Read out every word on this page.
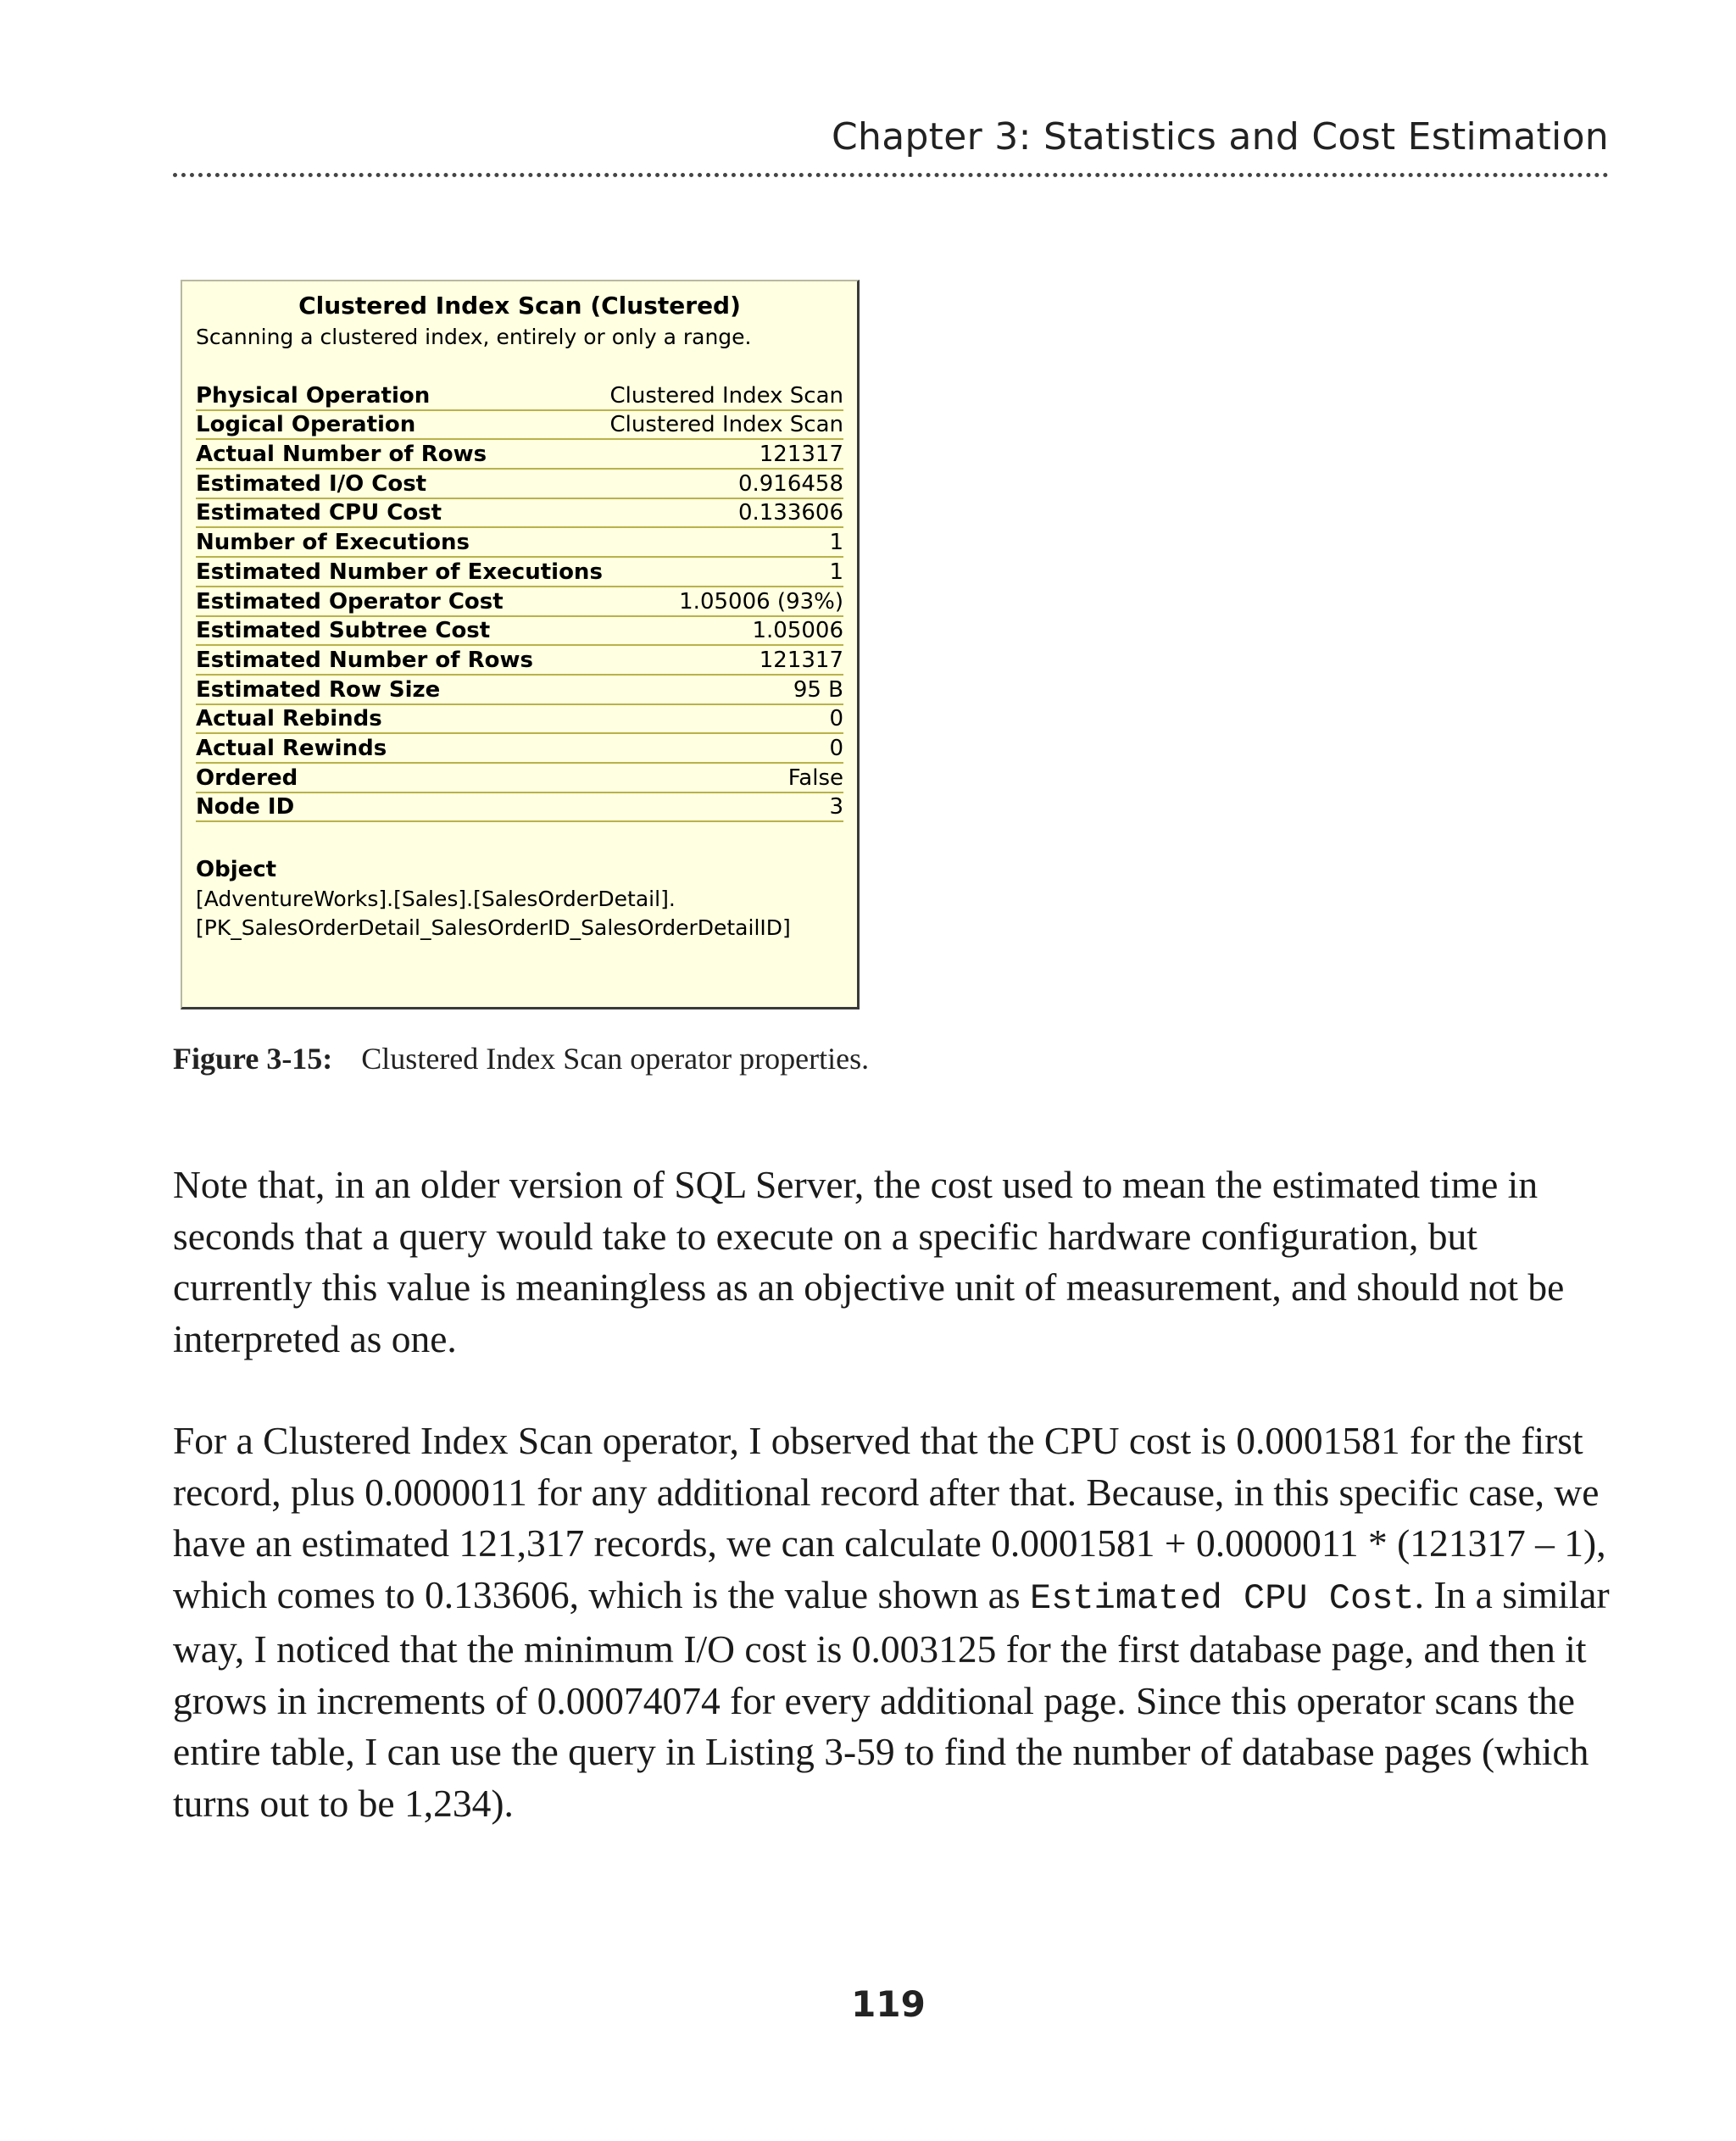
Chapter 3: Statistics and Cost Estimation
Clustered Index Scan (Clustered)
Scanning a clustered index, entirely or only a range.
Physical Operation	Clustered Index Scan
Logical Operation	Clustered Index Scan
Actual Number of Rows	121317
Estimated I/O Cost	0.916458
Estimated CPU Cost	0.133606
Number of Executions	1
Estimated Number of Executions	1
Estimated Operator Cost	1.05006 (93%)
Estimated Subtree Cost	1.05006
Estimated Number of Rows	121317
Estimated Row Size	95 B
Actual Rebinds	0
Actual Rewinds	0
Ordered	False
Node ID	3
Object
[AdventureWorks].[Sales].[SalesOrderDetail].
[PK_SalesOrderDetail_SalesOrderID_SalesOrderDetailID]
Figure 3-15: Clustered Index Scan operator properties.

Note that, in an older version of SQL Server, the cost used to mean the estimated time in seconds that a query would take to execute on a specific hardware configuration, but currently this value is meaningless as an objective unit of measurement, and should not be interpreted as one.

For a Clustered Index Scan operator, I observed that the CPU cost is 0.0001581 for the first record, plus 0.0000011 for any additional record after that. Because, in this specific case, we have an estimated 121,317 records, we can calculate 0.0001581 + 0.0000011 * (121317 – 1), which comes to 0.133606, which is the value shown as Estimated CPU Cost. In a similar way, I noticed that the minimum I/O cost is 0.003125 for the first database page, and then it grows in increments of 0.00074074 for every additional page. Since this operator scans the entire table, I can use the query in Listing 3-59 to find the number of database pages (which turns out to be 1,234).

119
